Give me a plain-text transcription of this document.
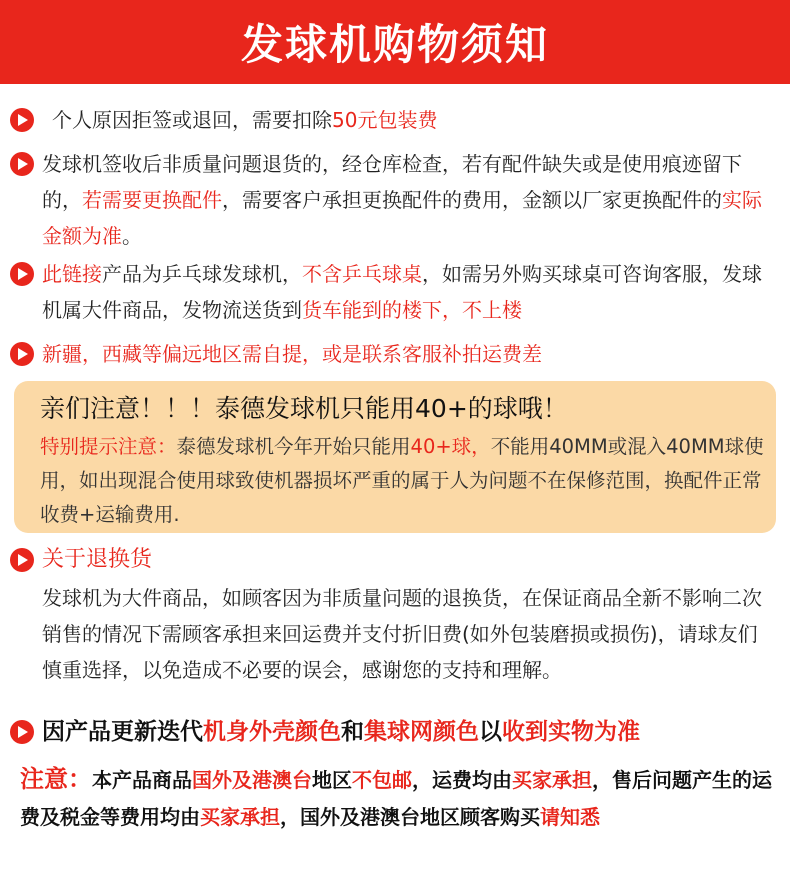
发球机购物须知
个人原因拒签或退回，需要扣除50元包装费
发球机签收后非质量问题退货的，经仓库检查，若有配件缺失或是使用痕迹留下的，若需要更换配件，需要客户承担更换配件的费用，金额以厂家更换配件的实际金额为准。
此链接产品为乒乓球发球机，不含乒乓球桌，如需另外购买球桌可咨询客服，发球机属大件商品，发物流送货到货车能到的楼下，不上楼
新疆，西藏等偏远地区需自提，或是联系客服补拍运费差
亲们注意！！！泰德发球机只能用40+的球哦！
特别提示注意：泰德发球机今年开始只能用40+球，不能用40MM或混入40MM球使用，如出现混合使用球致使机器损坏严重的属于人为问题不在保修范围，换配件正常收费+运输费用.
关于退换货
发球机为大件商品，如顾客因为非质量问题的退换货，在保证商品全新不影响二次销售的情况下需顾客承担来回运费并支付折旧费(如外包装磨损或损伤)，请球友们慎重选择，以免造成不必要的误会，感谢您的支持和理解。
因产品更新迭代机身外壳颜色和集球网颜色以收到实物为准
注意：本产品商品国外及港澳台地区不包邮，运费均由买家承担，售后问题产生的运费及税金等费用均由买家承担，国外及港澳台地区顾客购买请知悉
